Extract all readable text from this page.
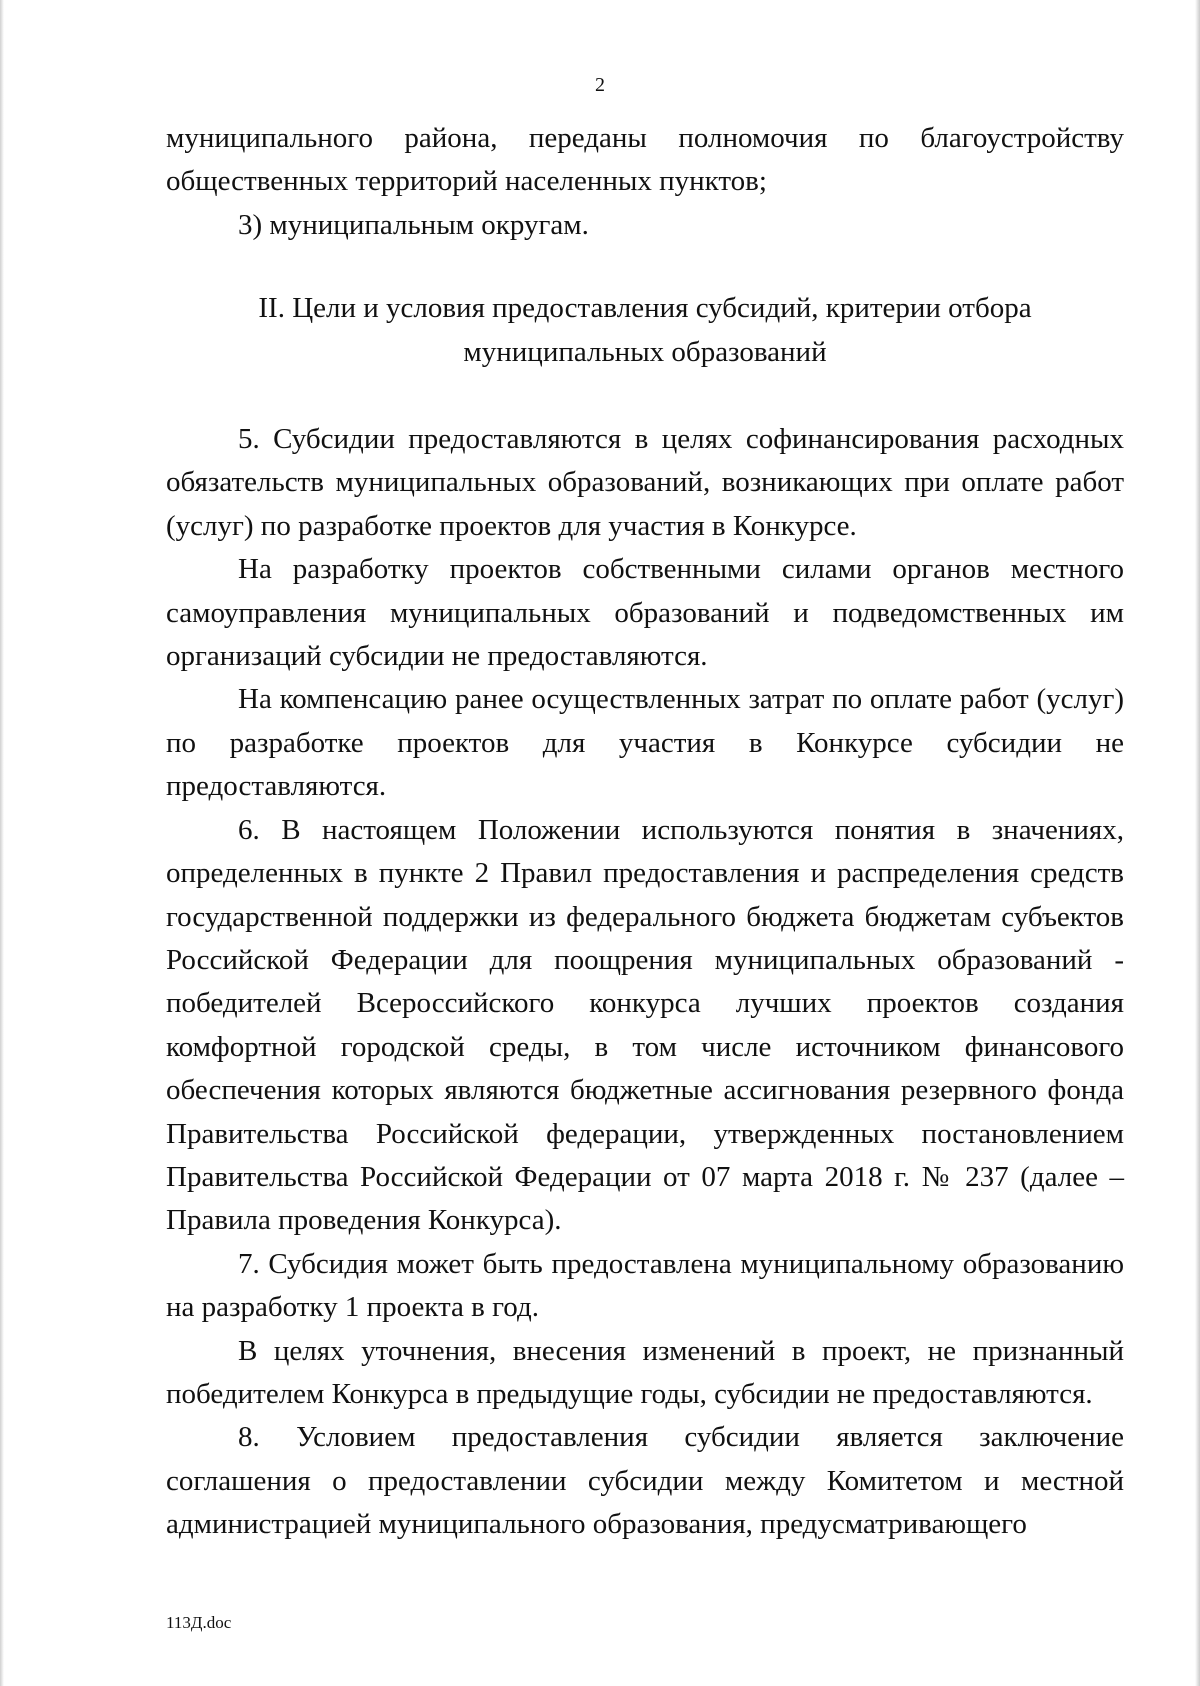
2

муниципального района, переданы полномочия по благоустройству общественных территорий населенных пунктов;

3) муниципальным округам.

II. Цели и условия предоставления субсидий, критерии отбора
муниципальных образований

5. Субсидии предоставляются в целях софинансирования расходных обязательств муниципальных образований, возникающих при оплате работ (услуг) по разработке проектов для участия в Конкурсе.

На разработку проектов собственными силами органов местного самоуправления муниципальных образований и подведомственных им организаций субсидии не предоставляются.

На компенсацию ранее осуществленных затрат по оплате работ (услуг) по разработке проектов для участия в Конкурсе субсидии не предоставляются.

6. В настоящем Положении используются понятия в значениях, определенных в пункте 2 Правил предоставления и распределения средств государственной поддержки из федерального бюджета бюджетам субъектов Российской Федерации для поощрения муниципальных образований - победителей Всероссийского конкурса лучших проектов создания комфортной городской среды, в том числе источником финансового обеспечения которых являются бюджетные ассигнования резервного фонда Правительства Российской федерации, утвержденных постановлением Правительства Российской Федерации от 07 марта 2018 г. № 237 (далее – Правила проведения Конкурса).

7. Субсидия может быть предоставлена муниципальному образованию на разработку 1 проекта в год.

В целях уточнения, внесения изменений в проект, не признанный победителем Конкурса в предыдущие годы, субсидии не предоставляются.

8. Условием предоставления субсидии является заключение соглашения о предоставлении субсидии между Комитетом и местной администрацией муниципального образования, предусматривающего

113Д.doc
